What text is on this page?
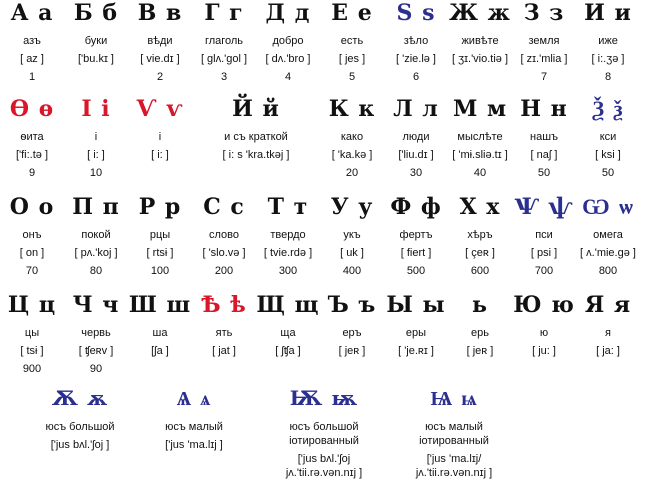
А а
азъ
[ az ]
1
Б б
буки
['bu.kɪ ]
В в
вѣди
[ vie.dɪ ]
2
Г г
глаголь
[ glʌ.'gol ]
3
Д д
добро
[ dʌ.'bro ]
4
Е е
есть
[ jes ]
5
Ѕ ѕ
зѣло
[ 'zie.lə ]
6
Ж ж
живѣте
[ ʒɪ.'vio.tiə ]
З з
земля
[ zɪ.'mlia ]
7
И и
иже
[ i:.ʒə ]
8
Ѳ ѳ
ѳита
['fi:.tə ]
9
І і
і
[ i: ]
10
Ѵ ѵ
і
[ i: ]
Й й
и съ краткой
[ i: s 'kra.tkəj ]
К к
како
[ 'ka.kə ]
20
Л л
люди
['liu.dɪ ]
30
М м
мыслѣте
[ 'mɨ.sliə.tɪ ]
40
Н н
нашъ
[ naʃ ]
50
Ѯ ѯ
кси
[ ksi ]
50
О о
онъ
[ on ]
70
П п
покой
[ pʌ.'koj ]
80
Р р
рцы
[ rtsɨ ]
100
С с
слово
[ 'slo.və ]
200
Т т
твердо
[ tvie.rdə ]
300
У у
укъ
[ uk ]
400
Ф ф
фертъ
[ fiert ]
500
Х х
хѣръ
[ çeʀ ]
600
Ѱ ѱ
пси
[ psi ]
700
Ѡ ѡ
омега
[ ʌ.'mie.gə ]
800
Ц ц
цы
[ tsɨ ]
900
Ч ч
червь
[ ʧeʀv ]
90
Ш ш
ша
[ʃa ]
Ѣ ѣ
ять
[ jat ]
Щ щ
ща
[ ʃʧa ]
Ъ ъ
еръ
[ jeʀ ]
Ы ы
еры
[ 'je.ʀɪ ]
ь
ерь
[ jeʀ ]
Ю ю
ю
[ ju: ]
Я я
я
[ ja: ]
Ѫ ѫ
юсъ большой
['jus bʌl.'ʃoj ]
Ѧ ѧ
юсъ малый
['jus 'ma.lɪj ]
Ѭ ѭ
юсъ большой
іотированный
['jus bʌl.'ʃoj
jʌ.'tii.rə.vən.nɪj ]
Ѩ ѩ
юсъ малый
іотированный
['jus 'ma.lɪj/
jʌ.'tii.rə.vən.nɪj ]
